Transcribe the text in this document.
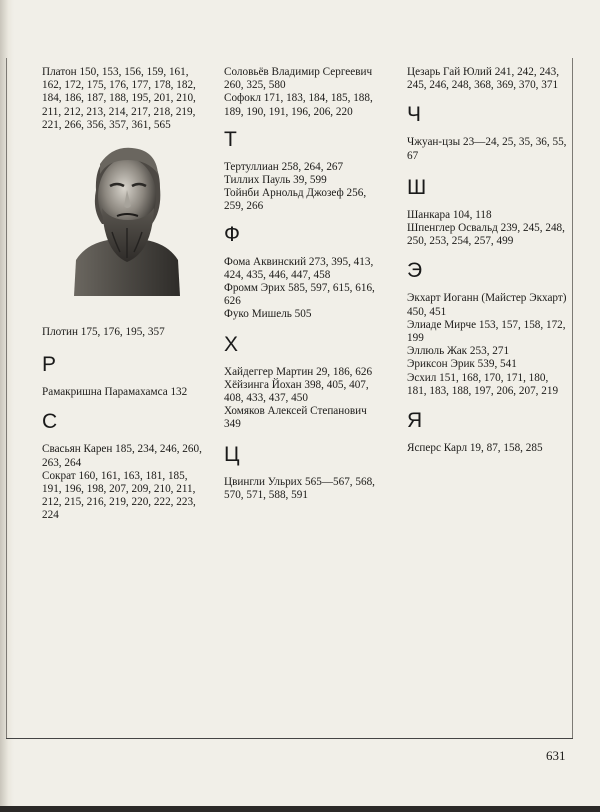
Платон 150, 153, 156, 159, 161, 162, 172, 175, 176, 177, 178, 182, 184, 186, 187, 188, 195, 201, 210, 211, 212, 213, 214, 217, 218, 219, 221, 266, 356, 357, 361, 565

Плотин 175, 176, 195, 357

Р

Рамакришна Парамахамса 132

С

Свасьян Карен 185, 234, 246, 260, 263, 264

Сократ 160, 161, 163, 181, 185, 191, 196, 198, 207, 209, 210, 211, 212, 215, 216, 219, 220, 222, 223, 224

Соловьёв Владимир Сергеевич 260, 325, 580

Софокл 171, 183, 184, 185, 188, 189, 190, 191, 196, 206, 220

Т

Тертуллиан 258, 264, 267

Тиллих Пауль 39, 599

Тойнби Арнольд Джозеф 256, 259, 266

Ф

Фома Аквинский 273, 395, 413, 424, 435, 446, 447, 458

Фромм Эрих 585, 597, 615, 616, 626

Фуко Мишель 505

Х

Хайдеггер Мартин 29, 186, 626

Хёйзинга Йохан 398, 405, 407, 408, 433, 437, 450

Хомяков Алексей Степанович 349

Ц

Цвингли Ульрих 565—567, 568, 570, 571, 588, 591

Цезарь Гай Юлий 241, 242, 243, 245, 246, 248, 368, 369, 370, 371

Ч

Чжуан-цзы 23—24, 25, 35, 36, 55, 67

Ш

Шанкара 104, 118

Шпенглер Освальд 239, 245, 248, 250, 253, 254, 257, 499

Э

Экхарт Иоганн (Майстер Экхарт) 450, 451

Элиаде Мирче 153, 157, 158, 172, 199

Эллюль Жак 253, 271

Эриксон Эрик 539, 541

Эсхил 151, 168, 170, 171, 180, 181, 183, 188, 197, 206, 207, 219

Я

Ясперс Карл 19, 87, 158, 285

631
